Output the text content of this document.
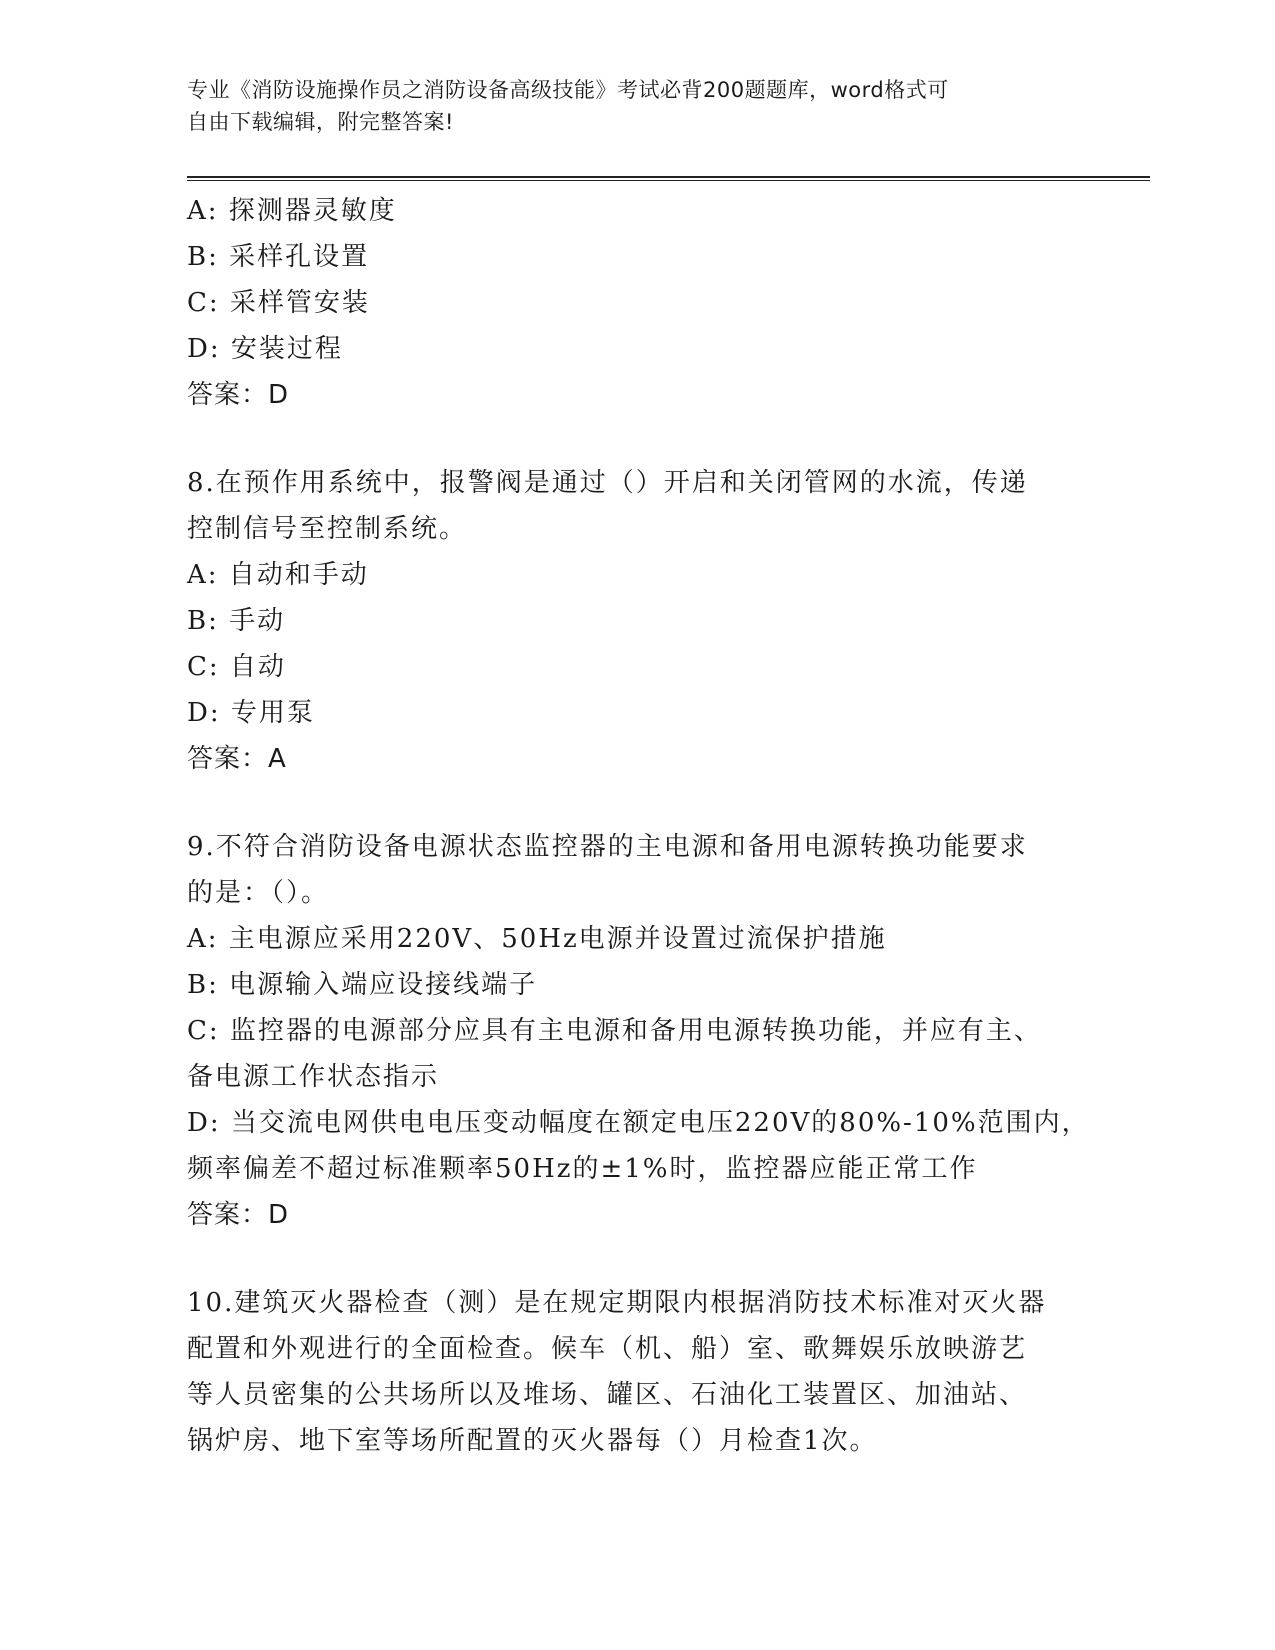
专业《消防设施操作员之消防设备高级技能》考试必背200题题库，word格式可
自由下载编辑，附完整答案!
A: 探测器灵敏度
B: 采样孔设置
C: 采样管安装
D: 安装过程
答案：D
8.在预作用系统中，报警阀是通过（）开启和关闭管网的水流，传递
控制信号至控制系统。
A: 自动和手动
B: 手动
C: 自动
D: 专用泵
答案：A
9.不符合消防设备电源状态监控器的主电源和备用电源转换功能要求
的是：（）。
A: 主电源应采用220V、50Hz电源并设置过流保护措施
B: 电源输入端应设接线端子
C: 监控器的电源部分应具有主电源和备用电源转换功能，并应有主、
备电源工作状态指示
D: 当交流电网供电电压变动幅度在额定电压220V的80%-10%范围内，
频率偏差不超过标准颗率50Hz的±1%时，监控器应能正常工作
答案：D
10.建筑灭火器检查（测）是在规定期限内根据消防技术标准对灭火器
配置和外观进行的全面检查。候车（机、船）室、歌舞娱乐放映游艺
等人员密集的公共场所以及堆场、罐区、石油化工装置区、加油站、
锅炉房、地下室等场所配置的灭火器每（）月检查1次。
